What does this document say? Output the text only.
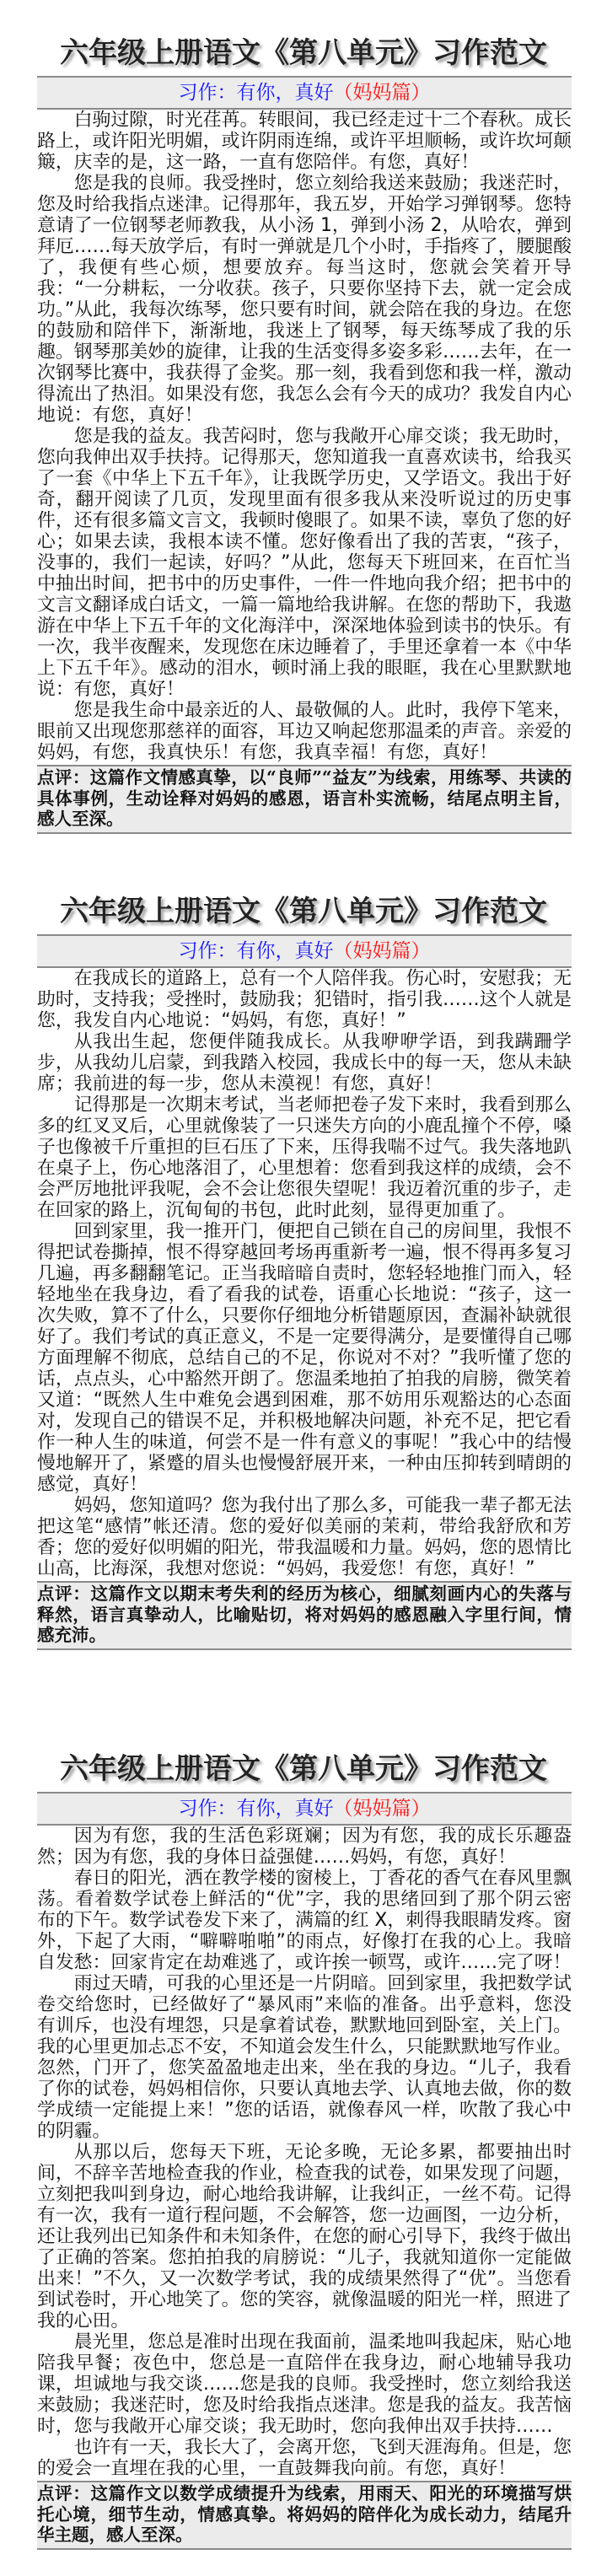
六年级上册语文《第八单元》习作范文
习作：有你，真好（妈妈篇）

白驹过隙，时光荏苒。转眼间，我已经走过十二个春秋。成长路上，或许阳光明媚，或许阴雨连绵，或许平坦顺畅，或许坎坷颠簸，庆幸的是，这一路，一直有您陪伴。有您，真好！

您是我的良师。我受挫时，您立刻给我送来鼓励；我迷茫时，您及时给我指点迷津。记得那年，我五岁，开始学习弹钢琴。您特意请了一位钢琴老师教我，从小汤 1，弹到小汤 2，从哈农，弹到拜厄……每天放学后，有时一弹就是几个小时，手指疼了，腰腿酸了，我便有些心烦，想要放弃。每当这时，您就会笑着开导我：“一分耕耘，一分收获。孩子，只要你坚持下去，就一定会成功。”从此，我每次练琴，您只要有时间，就会陪在我的身边。在您的鼓励和陪伴下，渐渐地，我迷上了钢琴，每天练琴成了我的乐趣。钢琴那美妙的旋律，让我的生活变得多姿多彩……去年，在一次钢琴比赛中，我获得了金奖。那一刻，我看到您和我一样，激动得流出了热泪。如果没有您，我怎么会有今天的成功？我发自内心地说：有您，真好！

您是我的益友。我苦闷时，您与我敞开心扉交谈；我无助时，您向我伸出双手扶持。记得那天，您知道我一直喜欢读书，给我买了一套《中华上下五千年》，让我既学历史，又学语文。我出于好奇，翻开阅读了几页，发现里面有很多我从来没听说过的历史事件，还有很多篇文言文，我顿时傻眼了。如果不读，辜负了您的好心；如果去读，我根本读不懂。您好像看出了我的苦衷，“孩子，没事的，我们一起读，好吗？”从此，您每天下班回来，在百忙当中抽出时间，把书中的历史事件，一件一件地向我介绍；把书中的文言文翻译成白话文，一篇一篇地给我讲解。在您的帮助下，我遨游在中华上下五千年的文化海洋中，深深地体验到读书的快乐。有一次，我半夜醒来，发现您在床边睡着了，手里还拿着一本《中华上下五千年》。感动的泪水，顿时涌上我的眼眶，我在心里默默地说：有您，真好！

您是我生命中最亲近的人、最敬佩的人。此时，我停下笔来，眼前又出现您那慈祥的面容，耳边又响起您那温柔的声音。亲爱的妈妈，有您，我真快乐！有您，我真幸福！有您，真好！

点评：这篇作文情感真挚，以“良师”“益友”为线索，用练琴、共读的具体事例，生动诠释对妈妈的感恩，语言朴实流畅，结尾点明主旨，感人至深。
六年级上册语文《第八单元》习作范文
习作：有你，真好（妈妈篇）

在我成长的道路上，总有一个人陪伴我。伤心时，安慰我；无助时，支持我；受挫时，鼓励我；犯错时，指引我……这个人就是您，我发自内心地说：“妈妈，有您，真好！”

从我出生起，您便伴随我成长。从我咿咿学语，到我蹒跚学步，从我幼儿启蒙，到我踏入校园，我成长中的每一天，您从未缺席；我前进的每一步，您从未漠视！有您，真好！

记得那是一次期末考试，当老师把卷子发下来时，我看到那么多的红叉叉后，心里就像装了一只迷失方向的小鹿乱撞个不停，嗓子也像被千斤重担的巨石压了下来，压得我喘不过气。我失落地趴在桌子上，伤心地落泪了，心里想着：您看到我这样的成绩，会不会严厉地批评我呢，会不会让您很失望呢！我迈着沉重的步子，走在回家的路上，沉甸甸的书包，此时此刻，显得更加重了。

回到家里，我一推开门，便把自己锁在自己的房间里，我恨不得把试卷撕掉，恨不得穿越回考场再重新考一遍，恨不得再多复习几遍，再多翻翻笔记。正当我暗暗自责时，您轻轻地推门而入，轻轻地坐在我身边，看了看我的试卷，语重心长地说：“孩子，这一次失败，算不了什么，只要你仔细地分析错题原因，查漏补缺就很好了。我们考试的真正意义，不是一定要得满分，是要懂得自己哪方面理解不彻底，总结自己的不足，你说对不对？”我听懂了您的话，点点头，心中豁然开朗了。您温柔地拍了拍我的肩膀，微笑着又道：“既然人生中难免会遇到困难，那不妨用乐观豁达的心态面对，发现自己的错误不足，并积极地解决问题，补充不足，把它看作一种人生的味道，何尝不是一件有意义的事呢！”我心中的结慢慢地解开了，紧蹙的眉头也慢慢舒展开来，一种由压抑转到晴朗的感觉，真好！

妈妈，您知道吗？您为我付出了那么多，可能我一辈子都无法把这笔“感情”帐还清。您的爱好似美丽的茉莉，带给我舒欣和芳香；您的爱好似明媚的阳光，带我温暖和力量。妈妈，您的恩情比山高，比海深，我想对您说：“妈妈，我爱您！有您，真好！”

点评：这篇作文以期末考失利的经历为核心，细腻刻画内心的失落与释然，语言真挚动人，比喻贴切，将对妈妈的感恩融入字里行间，情感充沛。
六年级上册语文《第八单元》习作范文
习作：有你，真好（妈妈篇）

因为有您，我的生活色彩斑斓；因为有您，我的成长乐趣盎然；因为有您，我的身体日益强健……妈妈，有您，真好！

春日的阳光，洒在教学楼的窗棱上，丁香花的香气在春风里飘荡。看着数学试卷上鲜活的“优”字，我的思绪回到了那个阴云密布的下午。数学试卷发下来了，满篇的红 X，刺得我眼睛发疼。窗外，下起了大雨，“噼噼啪啪”的雨点，好像打在我的心上。我暗自发愁：回家肯定在劫难逃了，或许挨一顿骂，或许……完了呀！

雨过天晴，可我的心里还是一片阴暗。回到家里，我把数学试卷交给您时，已经做好了“暴风雨”来临的准备。出乎意料，您没有训斥，也没有埋怨，只是拿着试卷，默默地回到卧室，关上门。我的心里更加忐忑不安，不知道会发生什么，只能默默地写作业。忽然，门开了，您笑盈盈地走出来，坐在我的身边。“儿子，我看了你的试卷，妈妈相信你，只要认真地去学、认真地去做，你的数学成绩一定能提上来！”您的话语，就像春风一样，吹散了我心中的阴霾。

从那以后，您每天下班，无论多晚，无论多累，都要抽出时间，不辞辛苦地检查我的作业，检查我的试卷，如果发现了问题，立刻把我叫到身边，耐心地给我讲解，让我纠正，一丝不苟。记得有一次，我有一道行程问题，不会解答，您一边画图，一边分析，还让我列出已知条件和未知条件，在您的耐心引导下，我终于做出了正确的答案。您拍拍我的肩膀说：“儿子，我就知道你一定能做出来！”不久，又一次数学考试，我的成绩果然得了“优”。当您看到试卷时，开心地笑了。您的笑容，就像温暖的阳光一样，照进了我的心田。

晨光里，您总是准时出现在我面前，温柔地叫我起床，贴心地陪我早餐；夜色中，您总是一直陪伴在我身边，耐心地辅导我功课，坦诚地与我交谈……您是我的良师。我受挫时，您立刻给我送来鼓励；我迷茫时，您及时给我指点迷津。您是我的益友。我苦恼时，您与我敞开心扉交谈；我无助时，您向我伸出双手扶持……

也许有一天，我长大了，会离开您，飞到天涯海角。但是，您的爱会一直埋在我的心里，一直鼓舞我向前。有您，真好！

点评：这篇作文以数学成绩提升为线索，用雨天、阳光的环境描写烘托心境，细节生动，情感真挚。将妈妈的陪伴化为成长动力，结尾升华主题，感人至深。
